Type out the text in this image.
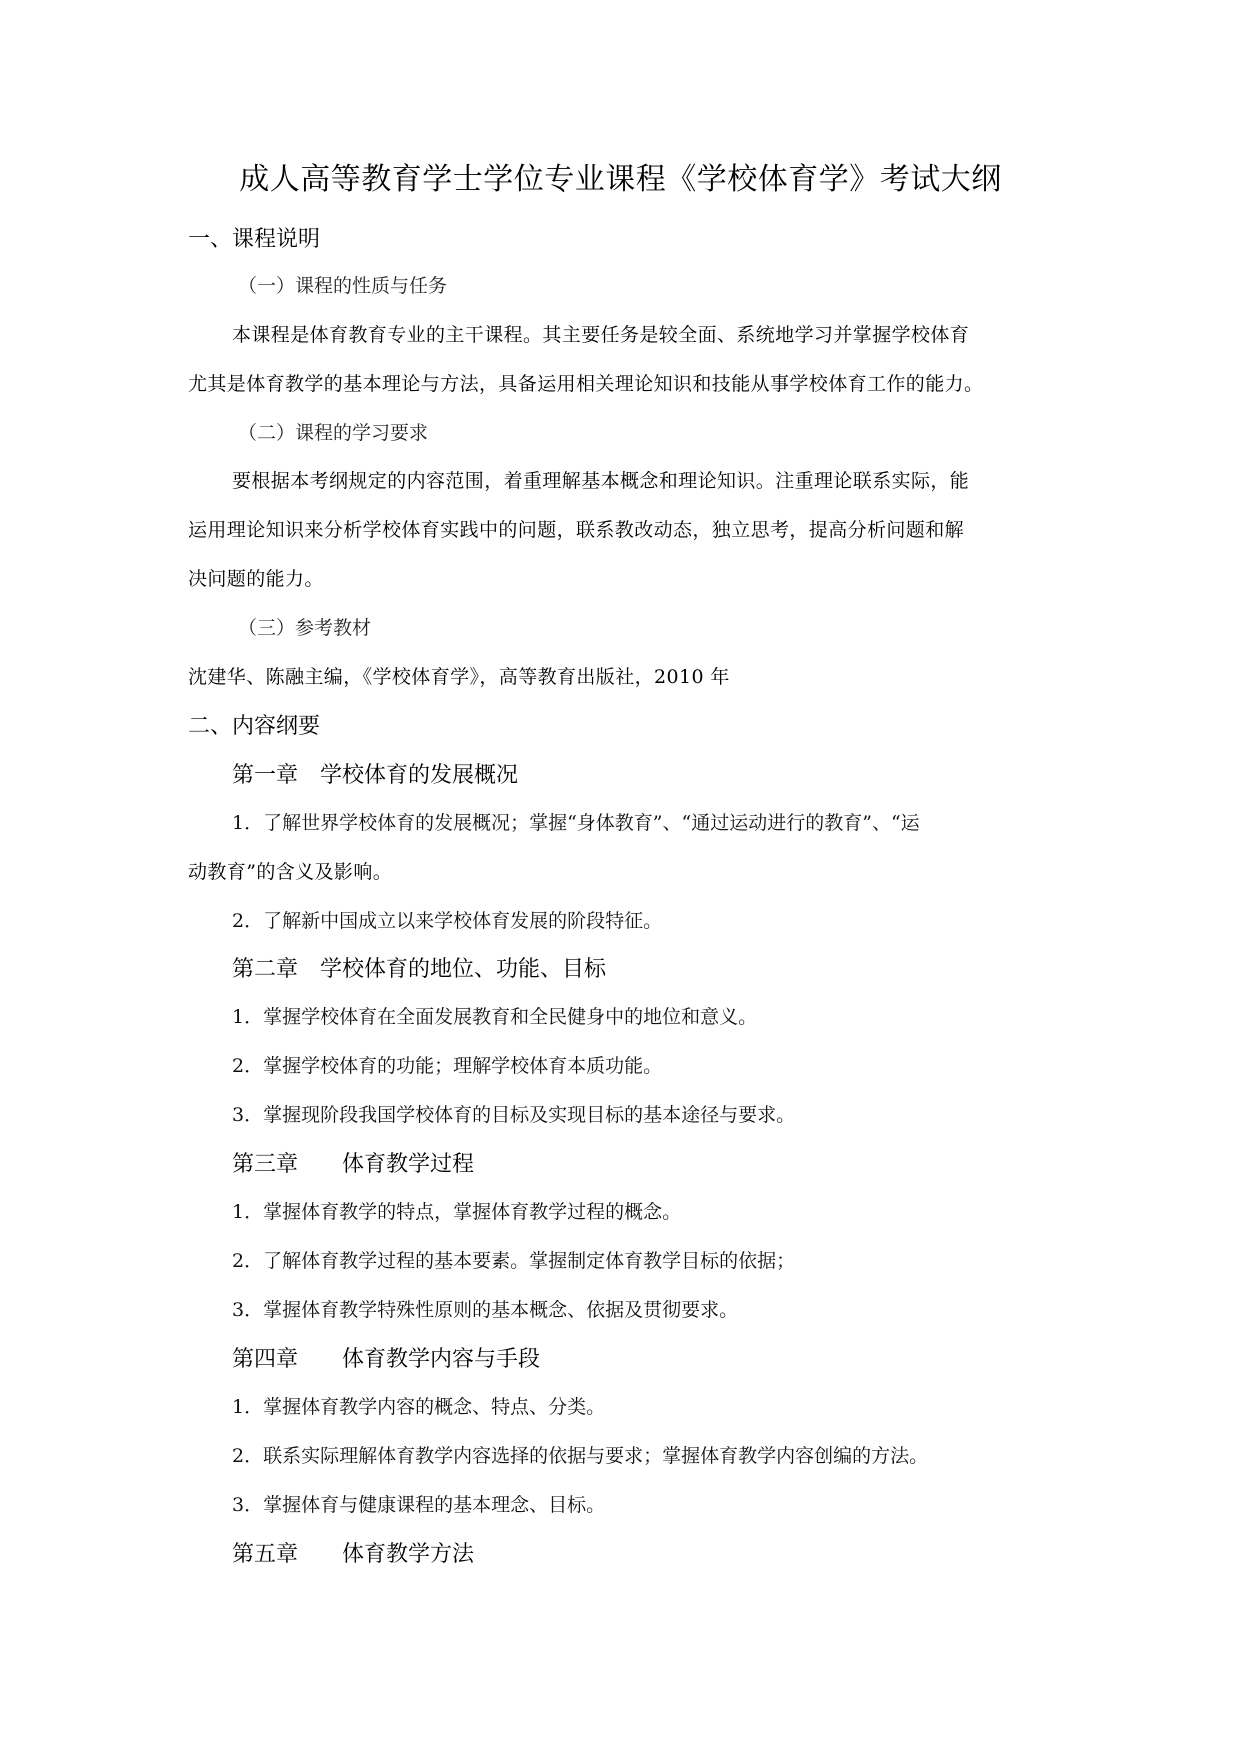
成人高等教育学士学位专业课程《学校体育学》考试大纲
一、课程说明
（一）课程的性质与任务
本课程是体育教育专业的主干课程。其主要任务是较全面、系统地学习并掌握学校体育
尤其是体育教学的基本理论与方法，具备运用相关理论知识和技能从事学校体育工作的能力。
（二）课程的学习要求
要根据本考纲规定的内容范围，着重理解基本概念和理论知识。注重理论联系实际，能
运用理论知识来分析学校体育实践中的问题，联系教改动态，独立思考，提高分析问题和解
决问题的能力。
（三）参考教材
沈建华、陈融主编，《学校体育学》，高等教育出版社，2010 年
二、内容纲要
第一章　学校体育的发展概况
1．了解世界学校体育的发展概况；掌握“身体教育”、“通过运动进行的教育”、“运
动教育”的含义及影响。
2．了解新中国成立以来学校体育发展的阶段特征。
第二章　学校体育的地位、功能、目标
1．掌握学校体育在全面发展教育和全民健身中的地位和意义。
2．掌握学校体育的功能；理解学校体育本质功能。
3．掌握现阶段我国学校体育的目标及实现目标的基本途径与要求。
第三章　　体育教学过程
1．掌握体育教学的特点，掌握体育教学过程的概念。
2．了解体育教学过程的基本要素。掌握制定体育教学目标的依据；
3．掌握体育教学特殊性原则的基本概念、依据及贯彻要求。
第四章　　体育教学内容与手段
1．掌握体育教学内容的概念、特点、分类。
2．联系实际理解体育教学内容选择的依据与要求；掌握体育教学内容创编的方法。
3．掌握体育与健康课程的基本理念、目标。
第五章　　体育教学方法
